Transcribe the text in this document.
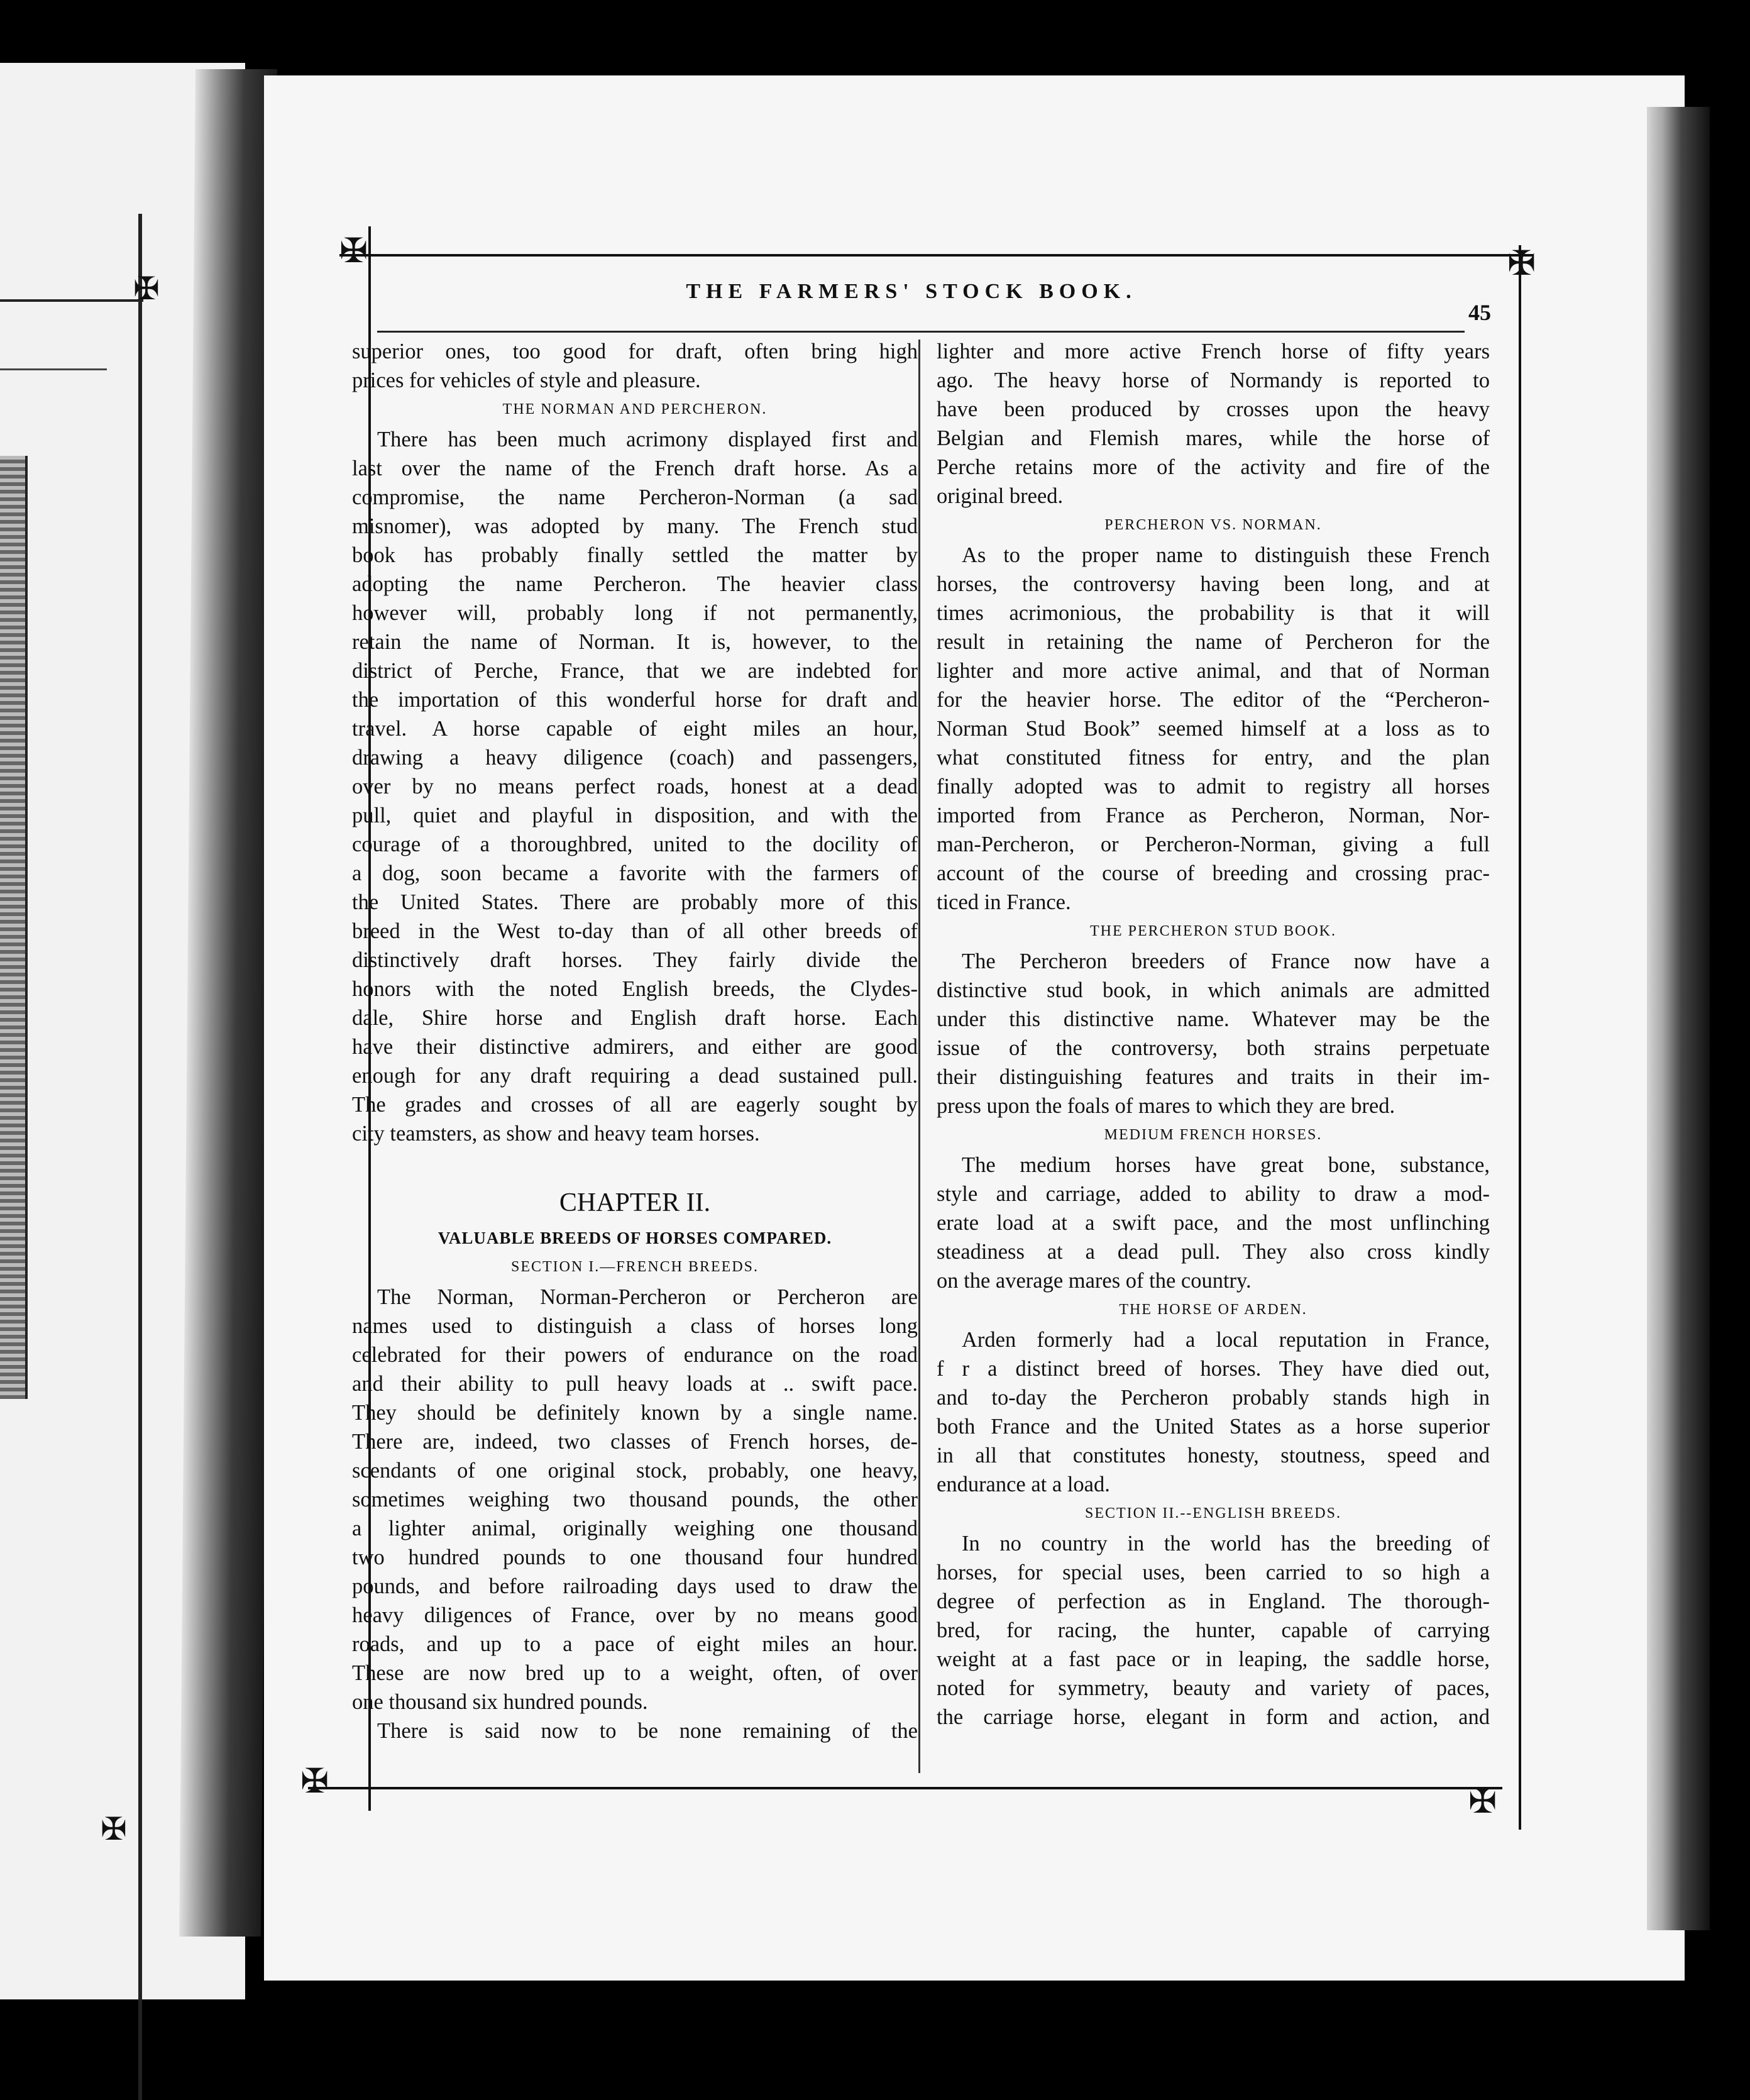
✠
✠
✠	✠
✠
✠
THE FARMERS' STOCK BOOK.
45

superior ones, too good for draft, often bring high
prices for vehicles of style and pleasure.

THE NORMAN AND PERCHERON.

There has been much acrimony displayed first and
last over the name of the French draft horse. As a
compromise, the name Percheron-Norman (a sad
misnomer), was adopted by many. The French stud
book has probably finally settled the matter by
adopting the name Percheron. The heavier class
however will, probably long if not permanently,
retain the name of Norman. It is, however, to the
district of Perche, France, that we are indebted for
the importation of this wonderful horse for draft and
travel. A horse capable of eight miles an hour,
drawing a heavy diligence (coach) and passengers,
over by no means perfect roads, honest at a dead
pull, quiet and playful in disposition, and with the
courage of a thoroughbred, united to the docility of
a dog, soon became a favorite with the farmers of
the United States. There are probably more of this
breed in the West to-day than of all other breeds of
distinctively draft horses. They fairly divide the
honors with the noted English breeds, the Clydes-
dale, Shire horse and English draft horse. Each
have their distinctive admirers, and either are good
enough for any draft requiring a dead sustained pull.
The grades and crosses of all are eagerly sought by
city teamsters, as show and heavy team horses.

CHAPTER II.
VALUABLE BREEDS OF HORSES COMPARED.
SECTION I.—FRENCH BREEDS.

The Norman, Norman-Percheron or Percheron are
names used to distinguish a class of horses long
celebrated for their powers of endurance on the road
and their ability to pull heavy loads at .. swift pace.
They should be definitely known by a single name.
There are, indeed, two classes of French horses, de-
scendants of one original stock, probably, one heavy,
sometimes weighing two thousand pounds, the other
a lighter animal, originally weighing one thousand
two hundred pounds to one thousand four hundred
pounds, and before railroading days used to draw the
heavy diligences of France, over by no means good
roads, and up to a pace of eight miles an hour.
These are now bred up to a weight, often, of over
one thousand six hundred pounds.

There is said now to be none remaining of the

lighter and more active French horse of fifty years
ago. The heavy horse of Normandy is reported to
have been produced by crosses upon the heavy
Belgian and Flemish mares, while the horse of
Perche retains more of the activity and fire of the
original breed.

PERCHERON VS. NORMAN.

As to the proper name to distinguish these French
horses, the controversy having been long, and at
times acrimonious, the probability is that it will
result in retaining the name of Percheron for the
lighter and more active animal, and that of Norman
for the heavier horse. The editor of the “Percheron-
Norman Stud Book” seemed himself at a loss as to
what constituted fitness for entry, and the plan
finally adopted was to admit to registry all horses
imported from France as Percheron, Norman, Nor-
man-Percheron, or Percheron-Norman, giving a full
account of the course of breeding and crossing prac-
ticed in France.

THE PERCHERON STUD BOOK.

The Percheron breeders of France now have a
distinctive stud book, in which animals are admitted
under this distinctive name. Whatever may be the
issue of the controversy, both strains perpetuate
their distinguishing features and traits in their im-
press upon the foals of mares to which they are bred.

MEDIUM FRENCH HORSES.

The medium horses have great bone, substance,
style and carriage, added to ability to draw a mod-
erate load at a swift pace, and the most unflinching
steadiness at a dead pull. They also cross kindly
on the average mares of the country.

THE HORSE OF ARDEN.

Arden formerly had a local reputation in France,
f r a distinct breed of horses. They have died out,
and to-day the Percheron probably stands high in
both France and the United States as a horse superior
in all that constitutes honesty, stoutness, speed and
endurance at a load.

SECTION II.--ENGLISH BREEDS.

In no country in the world has the breeding of
horses, for special uses, been carried to so high a
degree of perfection as in England. The thorough-
bred, for racing, the hunter, capable of carrying
weight at a fast pace or in leaping, the saddle horse,
noted for symmetry, beauty and variety of paces,
the carriage horse, elegant in form and action, and
